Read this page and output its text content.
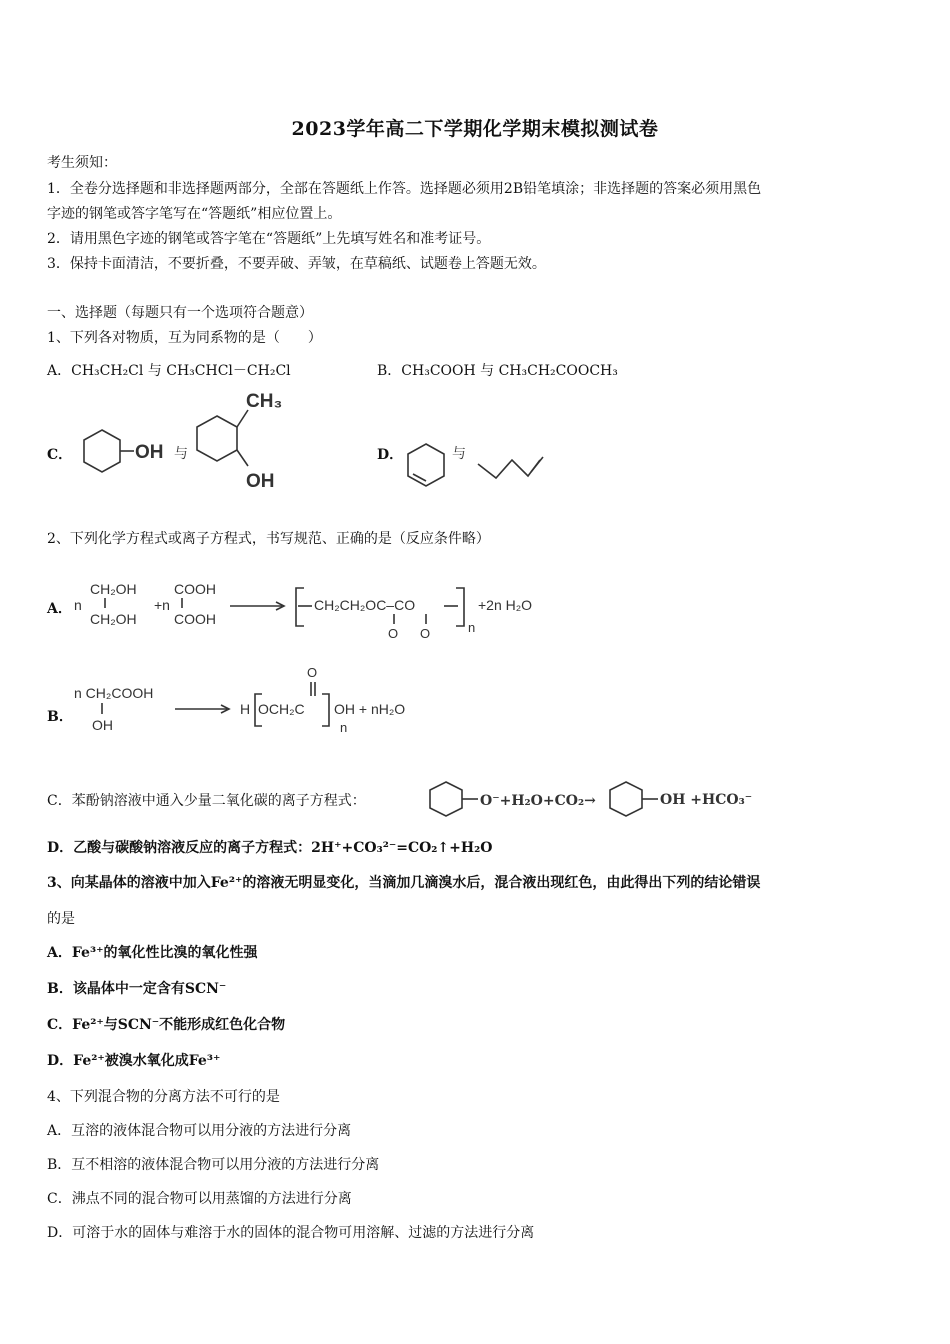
2023学年高二下学期化学期末模拟测试卷
考生须知：
1．全卷分选择题和非选择题两部分，全部在答题纸上作答。选择题必须用2B铅笔填涂；非选择题的答案必须用黑色
字迹的钢笔或答字笔写在“答题纸”相应位置上。
2．请用黑色字迹的钢笔或答字笔在“答题纸”上先填写姓名和准考证号。
3．保持卡面清洁，不要折叠，不要弄破、弄皱，在草稿纸、试题卷上答题无效。
一、选择题（每题只有一个选项符合题意）
1、下列各对物质，互为同系物的是（　　）
A．CH₃CH₂Cl 与 CH₃CHCl－CH₂Cl	B．CH₃COOH 与 CH₃CH₂COOCH₃
C．	OH 与
CH₃
OH
D．	与
2、下列化学方程式或离子方程式，书写规范、正确的是（反应条件略）
A． n
CH₂OH
CH₂OH
+n
COOH
COOH
CH₂CH₂OC–CO
O O	n
+2n H₂O
B．
n CH₂COOH
OH
H OCH₂C
O
n
OH + nH₂O
C．苯酚钠溶液中通入少量二氧化碳的离子方程式：	O⁻+H₂O+CO₂→	OH +HCO₃⁻
D．乙酸与碳酸钠溶液反应的离子方程式：2H⁺+CO₃²⁻=CO₂↑+H₂O
3、向某晶体的溶液中加入Fe²⁺的溶液无明显变化，当滴加几滴溴水后，混合液出现红色，由此得出下列的结论错误
的是
A．Fe³⁺的氧化性比溴的氧化性强
B．该晶体中一定含有SCN⁻
C．Fe²⁺与SCN⁻不能形成红色化合物
D．Fe²⁺被溴水氧化成Fe³⁺
4、下列混合物的分离方法不可行的是
A．互溶的液体混合物可以用分液的方法进行分离
B．互不相溶的液体混合物可以用分液的方法进行分离
C．沸点不同的混合物可以用蒸馏的方法进行分离
D．可溶于水的固体与难溶于水的固体的混合物可用溶解、过滤的方法进行分离
